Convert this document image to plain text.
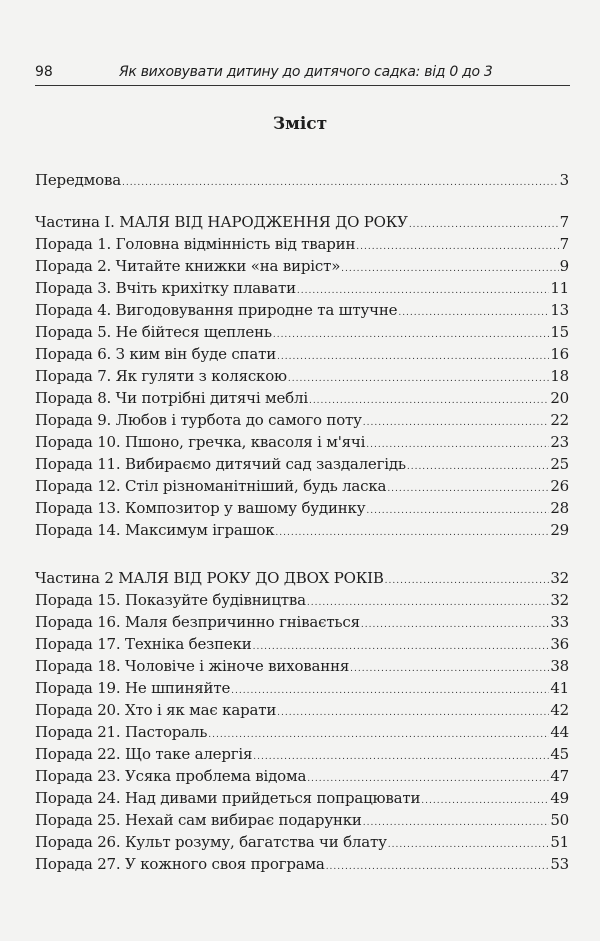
98	Як виховувати дитину до дитячого садка: від 0 до 3
Зміст
Передмова .....	3
Частина І. МАЛЯ ВІД НАРОДЖЕННЯ ДО РОКУ .....	7
Порада 1. Головна відмінність від тварин .....	7
Порада 2. Читайте книжки «на виріст» .....	9
Порада 3. Вчіть крихітку плавати .....	11
Порада 4. Вигодовування природне та штучне .....	13
Порада 5. Не бійтеся щеплень .....	15
Порада 6. З ким він буде спати .....	16
Порада 7. Як гуляти з коляскою .....	18
Порада 8. Чи потрібні дитячі меблі .....	20
Порада 9. Любов і турбота до самого поту .....	22
Порада 10. Пшоно, гречка, квасоля і м'ячі .....	23
Порада 11. Вибираємо дитячий сад заздалегідь .....	25
Порада 12. Стіл різноманітніший, будь ласка .....	26
Порада 13. Композитор у вашому будинку .....	28
Порада 14. Максимум іграшок .....	29
Частина 2 МАЛЯ ВІД РОКУ ДО ДВОХ РОКІВ .....	32
Порада 15. Показуйте будівництва .....	32
Порада 16. Маля безпричинно гнівається .....	33
Порада 17. Техніка безпеки .....	36
Порада 18. Чоловіче і жіноче виховання .....	38
Порада 19. Не шпиняйте .....	41
Порада 20. Хто і як має карати .....	42
Порада 21. Пастораль .....	44
Порада 22. Що таке алергія .....	45
Порада 23. Усяка проблема відома .....	47
Порада 24. Над дивами прийдеться попрацювати .....	49
Порада 25. Нехай сам вибирає подарунки .....	50
Порада 26. Культ розуму, багатства чи блату .....	51
Порада 27. У кожного своя програма .....	53
